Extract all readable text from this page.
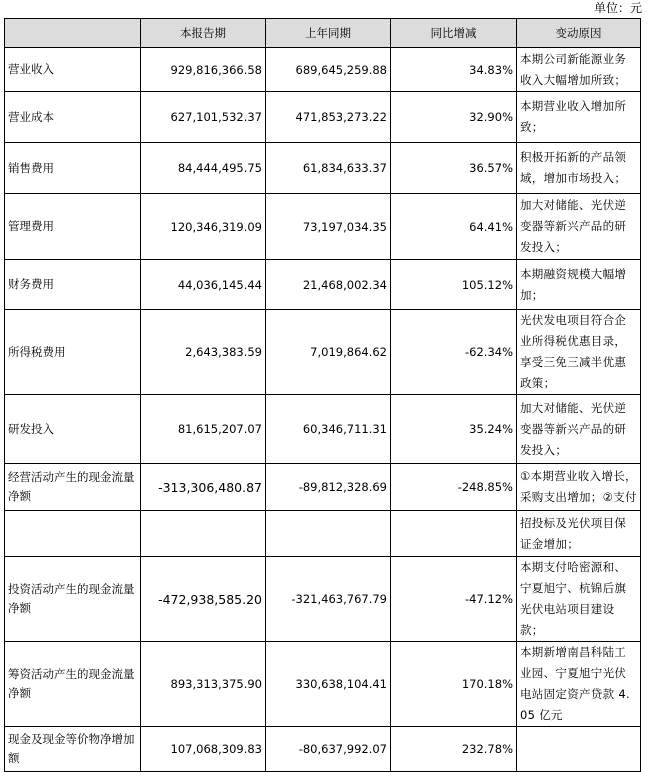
单位：元
	本报告期	上年同期	同比增减	变动原因
营业收入	929,816,366.58	689,645,259.88	34.83%	本期公司新能源业务收入大幅增加所致；
营业成本	627,101,532.37	471,853,273.22	32.90%	本期营业收入增加所致；
销售费用	84,444,495.75	61,834,633.37	36.57%	积极开拓新的产品领域，增加市场投入；
管理费用	120,346,319.09	73,197,034.35	64.41%	加大对储能、光伏逆变器等新兴产品的研发投入；
财务费用	44,036,145.44	21,468,002.34	105.12%	本期融资规模大幅增加；
所得税费用	2,643,383.59	7,019,864.62	-62.34%	光伏发电项目符合企业所得税优惠目录，享受三免三减半优惠政策；
研发投入	81,615,207.07	60,346,711.31	35.24%	加大对储能、光伏逆变器等新兴产品的研发投入；
经营活动产生的现金流量净额	-313,306,480.87	-89,812,328.69	-248.85%	①本期营业收入增长，采购支出增加；②支付
				招投标及光伏项目保证金增加；
投资活动产生的现金流量净额	-472,938,585.20	-321,463,767.79	-47.12%	本期支付哈密源和、宁夏旭宁、杭锦后旗光伏电站项目建设款；
筹资活动产生的现金流量净额	893,313,375.90	330,638,104.41	170.18%	本期新增南昌科陆工业园、宁夏旭宁光伏电站固定资产贷款 4.05 亿元
现金及现金等价物净增加额	107,068,309.83	-80,637,992.07	232.78%	
